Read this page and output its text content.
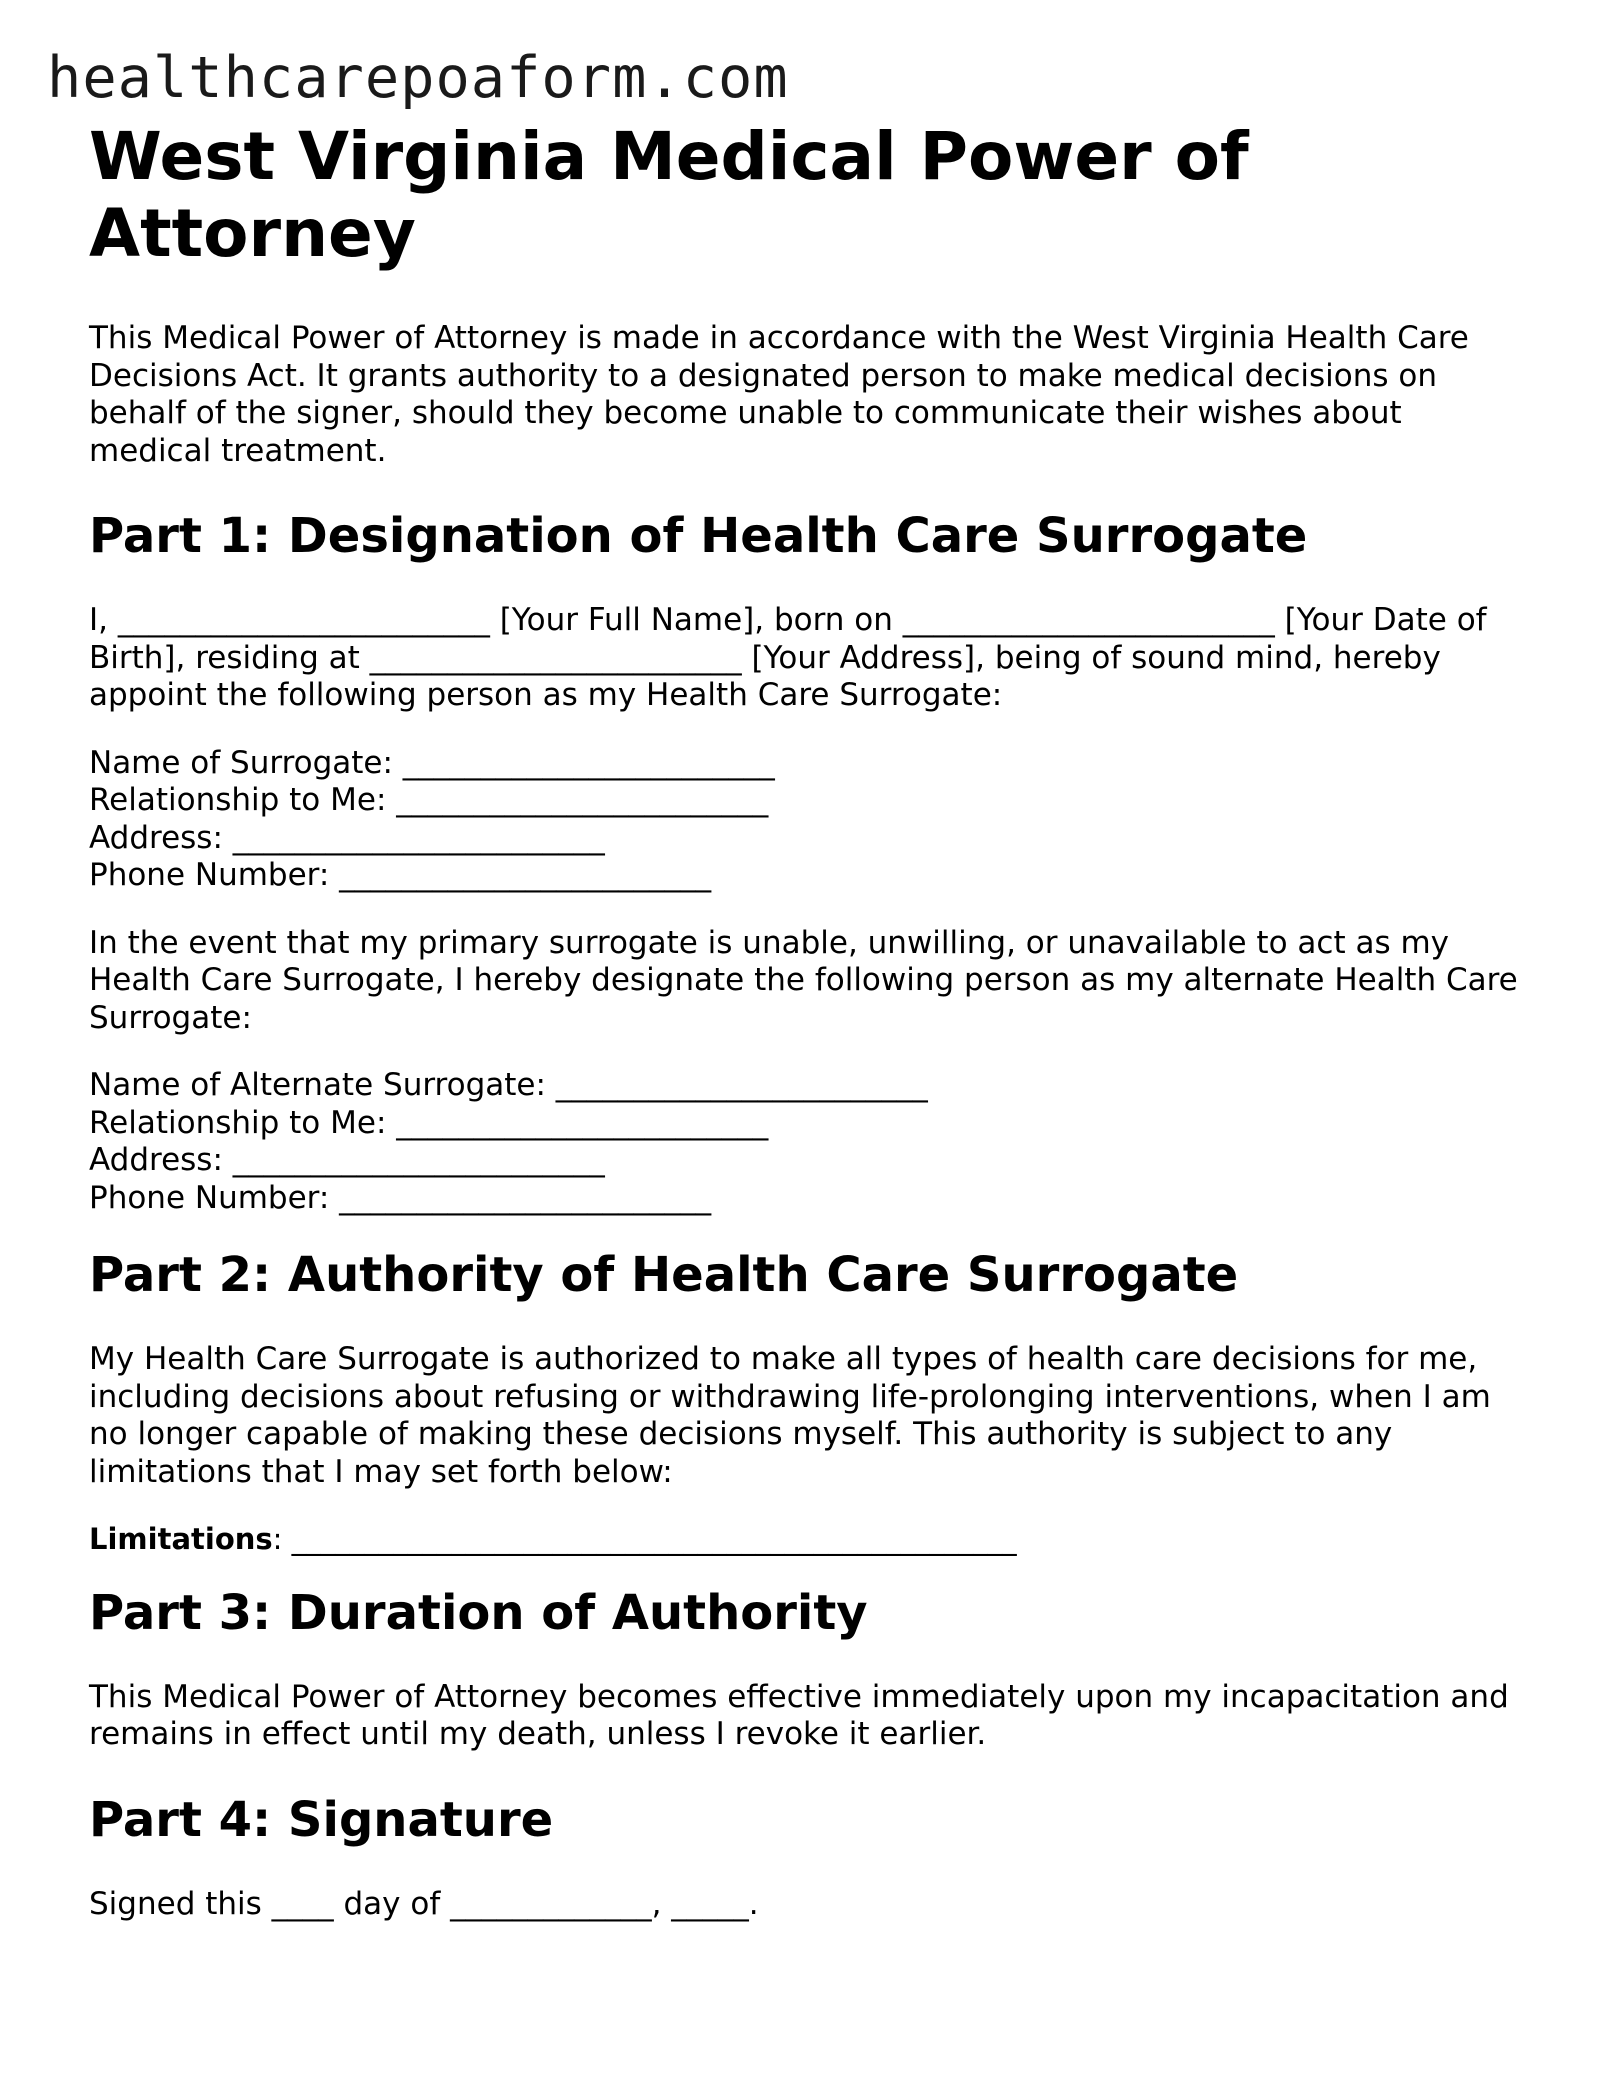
healthcarepoaform.com
West Virginia Medical Power of Attorney

This Medical Power of Attorney is made in accordance with the West Virginia Health Care Decisions Act. It grants authority to a designated person to make medical decisions on behalf of the signer, should they become unable to communicate their wishes about medical treatment.

Part 1: Designation of Health Care Surrogate

I, ________________________ [Your Full Name], born on ________________________ [Your Date of Birth], residing at ________________________ [Your Address], being of sound mind, hereby appoint the following person as my Health Care Surrogate:

Name of Surrogate: ________________________

Relationship to Me: ________________________

Address: ________________________

Phone Number: ________________________

In the event that my primary surrogate is unable, unwilling, or unavailable to act as my Health Care Surrogate, I hereby designate the following person as my alternate Health Care Surrogate:

Name of Alternate Surrogate: ________________________

Relationship to Me: ________________________

Address: ________________________

Phone Number: ________________________

Part 2: Authority of Health Care Surrogate

My Health Care Surrogate is authorized to make all types of health care decisions for me, including decisions about refusing or withdrawing life-prolonging interventions, when I am no longer capable of making these decisions myself. This authority is subject to any limitations that I may set forth below:

Limitations: __________________________________________________

Part 3: Duration of Authority

This Medical Power of Attorney becomes effective immediately upon my incapacitation and remains in effect until my death, unless I revoke it earlier.

Part 4: Signature

Signed this ____ day of _____________, _____.
